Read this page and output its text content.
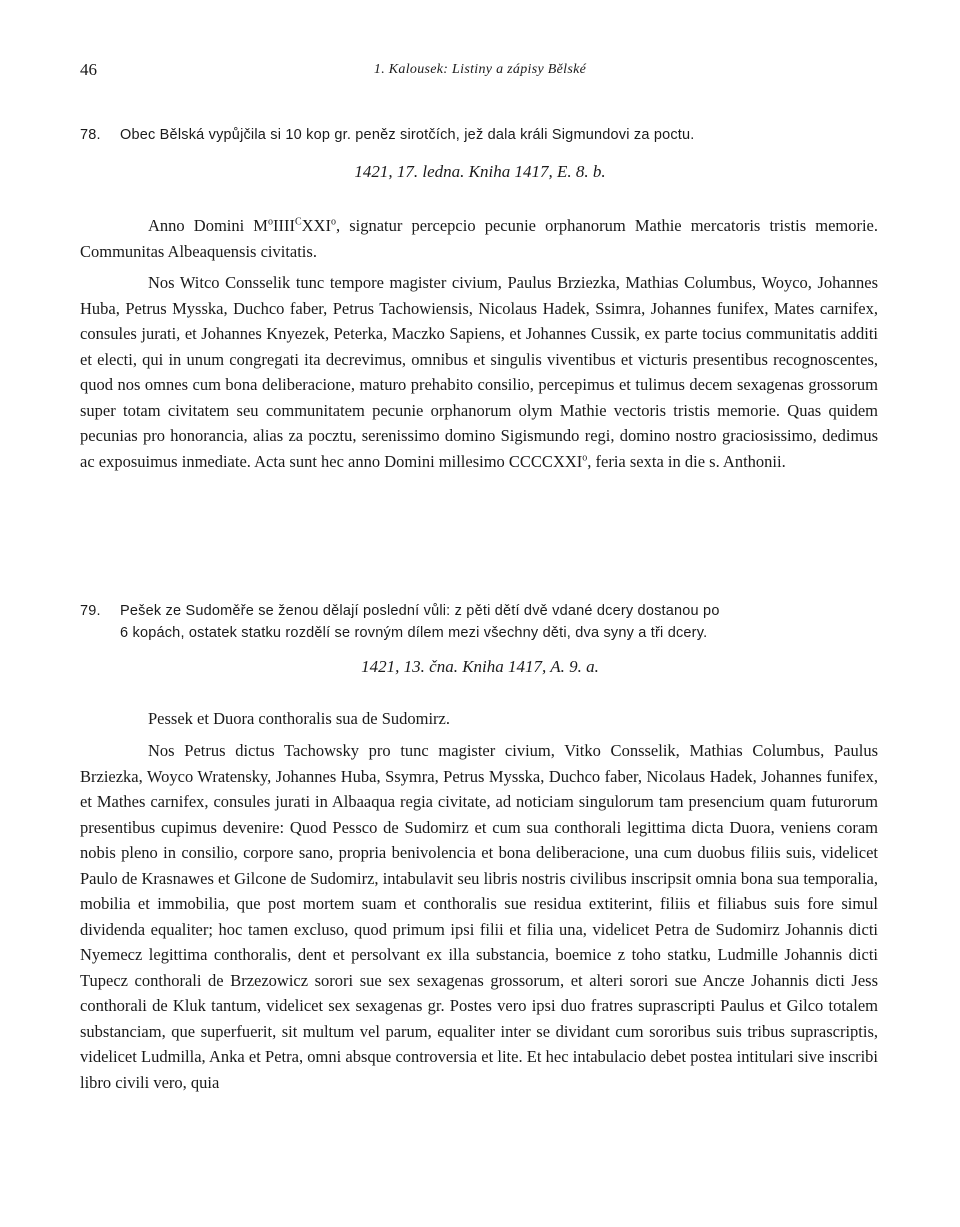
46	1. Kalousek: Listiny a zápisy Bělské
78. Obec Bělská vypůjčila si 10 kop gr. peněz sirotčích, jež dala králi Sigmundovi za poctu.
1421, 17. ledna. Kniha 1417, E. 8. b.

Anno Domini $M^oIIII^CXXI^o$, signatur percepcio pecunie orphanorum Mathie mercatoris tristis memorie. Communitas Albeaquensis civitatis.

Nos Witco Consselik tunc tempore magister civium, Paulus Brziezka, Mathias Columbus, Woyco, Johannes Huba, Petrus Mysska, Duchco faber, Petrus Tachowiensis, Nicolaus Hadek, Ssimra, Johannes funifex, Mates carnifex, consules jurati, et Johannes Knyezek, Peterka, Maczko Sapiens, et Johannes Cussik, ex parte tocius communitatis additi et electi, qui in unum congregati ita decrevimus, omnibus et singulis viventibus et victuris presentibus recognoscentes, quod nos omnes cum bona deliberacione, maturo prehabito consilio, percepimus et tulimus decem sexagenas grossorum super totam civitatem seu communitatem pecunie orphanorum olym Mathie vectoris tristis memorie. Quas quidem pecunias pro honorancia, alias za pocztu, serenissimo domino Sigismundo regi, domino nostro graciosissimo, dedimus ac exposuimus inmediate. Acta sunt hec anno Domini millesimo CCCCXXI$^o$, feria sexta in die s. Anthonii.

79. Pešek ze Sudoměře se ženou dělají poslední vůli: z pěti dětí dvě vdané dcery dostanou po
6 kopách, ostatek statku rozdělí se rovným dílem mezi všechny děti, dva syny a tři dcery.
1421, 13. čna. Kniha 1417, A. 9. a.

Pessek et Duora conthoralis sua de Sudomirz.

Nos Petrus dictus Tachowsky pro tunc magister civium, Vitko Consselik, Mathias Columbus, Paulus Brziezka, Woyco Wratensky, Johannes Huba, Ssymra, Petrus Mysska, Duchco faber, Nicolaus Hadek, Johannes funifex, et Mathes carnifex, consules jurati in Albaaqua regia civitate, ad noticiam singulorum tam presencium quam futurorum presentibus cupimus devenire: Quod Pessco de Sudomirz et cum sua conthorali legittima dicta Duora, veniens coram nobis pleno in consilio, corpore sano, propria benivolencia et bona deliberacione, una cum duobus filiis suis, videlicet Paulo de Krasnawes et Gilcone de Sudomirz, intabulavit seu libris nostris civilibus inscripsit omnia bona sua temporalia, mobilia et immobilia, que post mortem suam et conthoralis sue residua extiterint, filiis et filiabus suis fore simul dividenda equaliter; hoc tamen excluso, quod primum ipsi filii et filia una, videlicet Petra de Sudomirz Johannis dicti Nyemecz legittima conthoralis, dent et persolvant ex illa substancia, boemice z toho statku, Ludmille Johannis dicti Tupecz conthorali de Brzezowicz sorori sue sex sexagenas grossorum, et alteri sorori sue Ancze Johannis dicti Jess conthorali de Kluk tantum, videlicet sex sexagenas gr. Postes vero ipsi duo fratres suprascripti Paulus et Gilco totalem substanciam, que superfuerit, sit multum vel parum, equaliter inter se dividant cum sororibus suis tribus suprascriptis, videlicet Ludmilla, Anka et Petra, omni absque controversia et lite. Et hec intabulacio debet postea intitulari sive inscribi libro civili vero, quia
